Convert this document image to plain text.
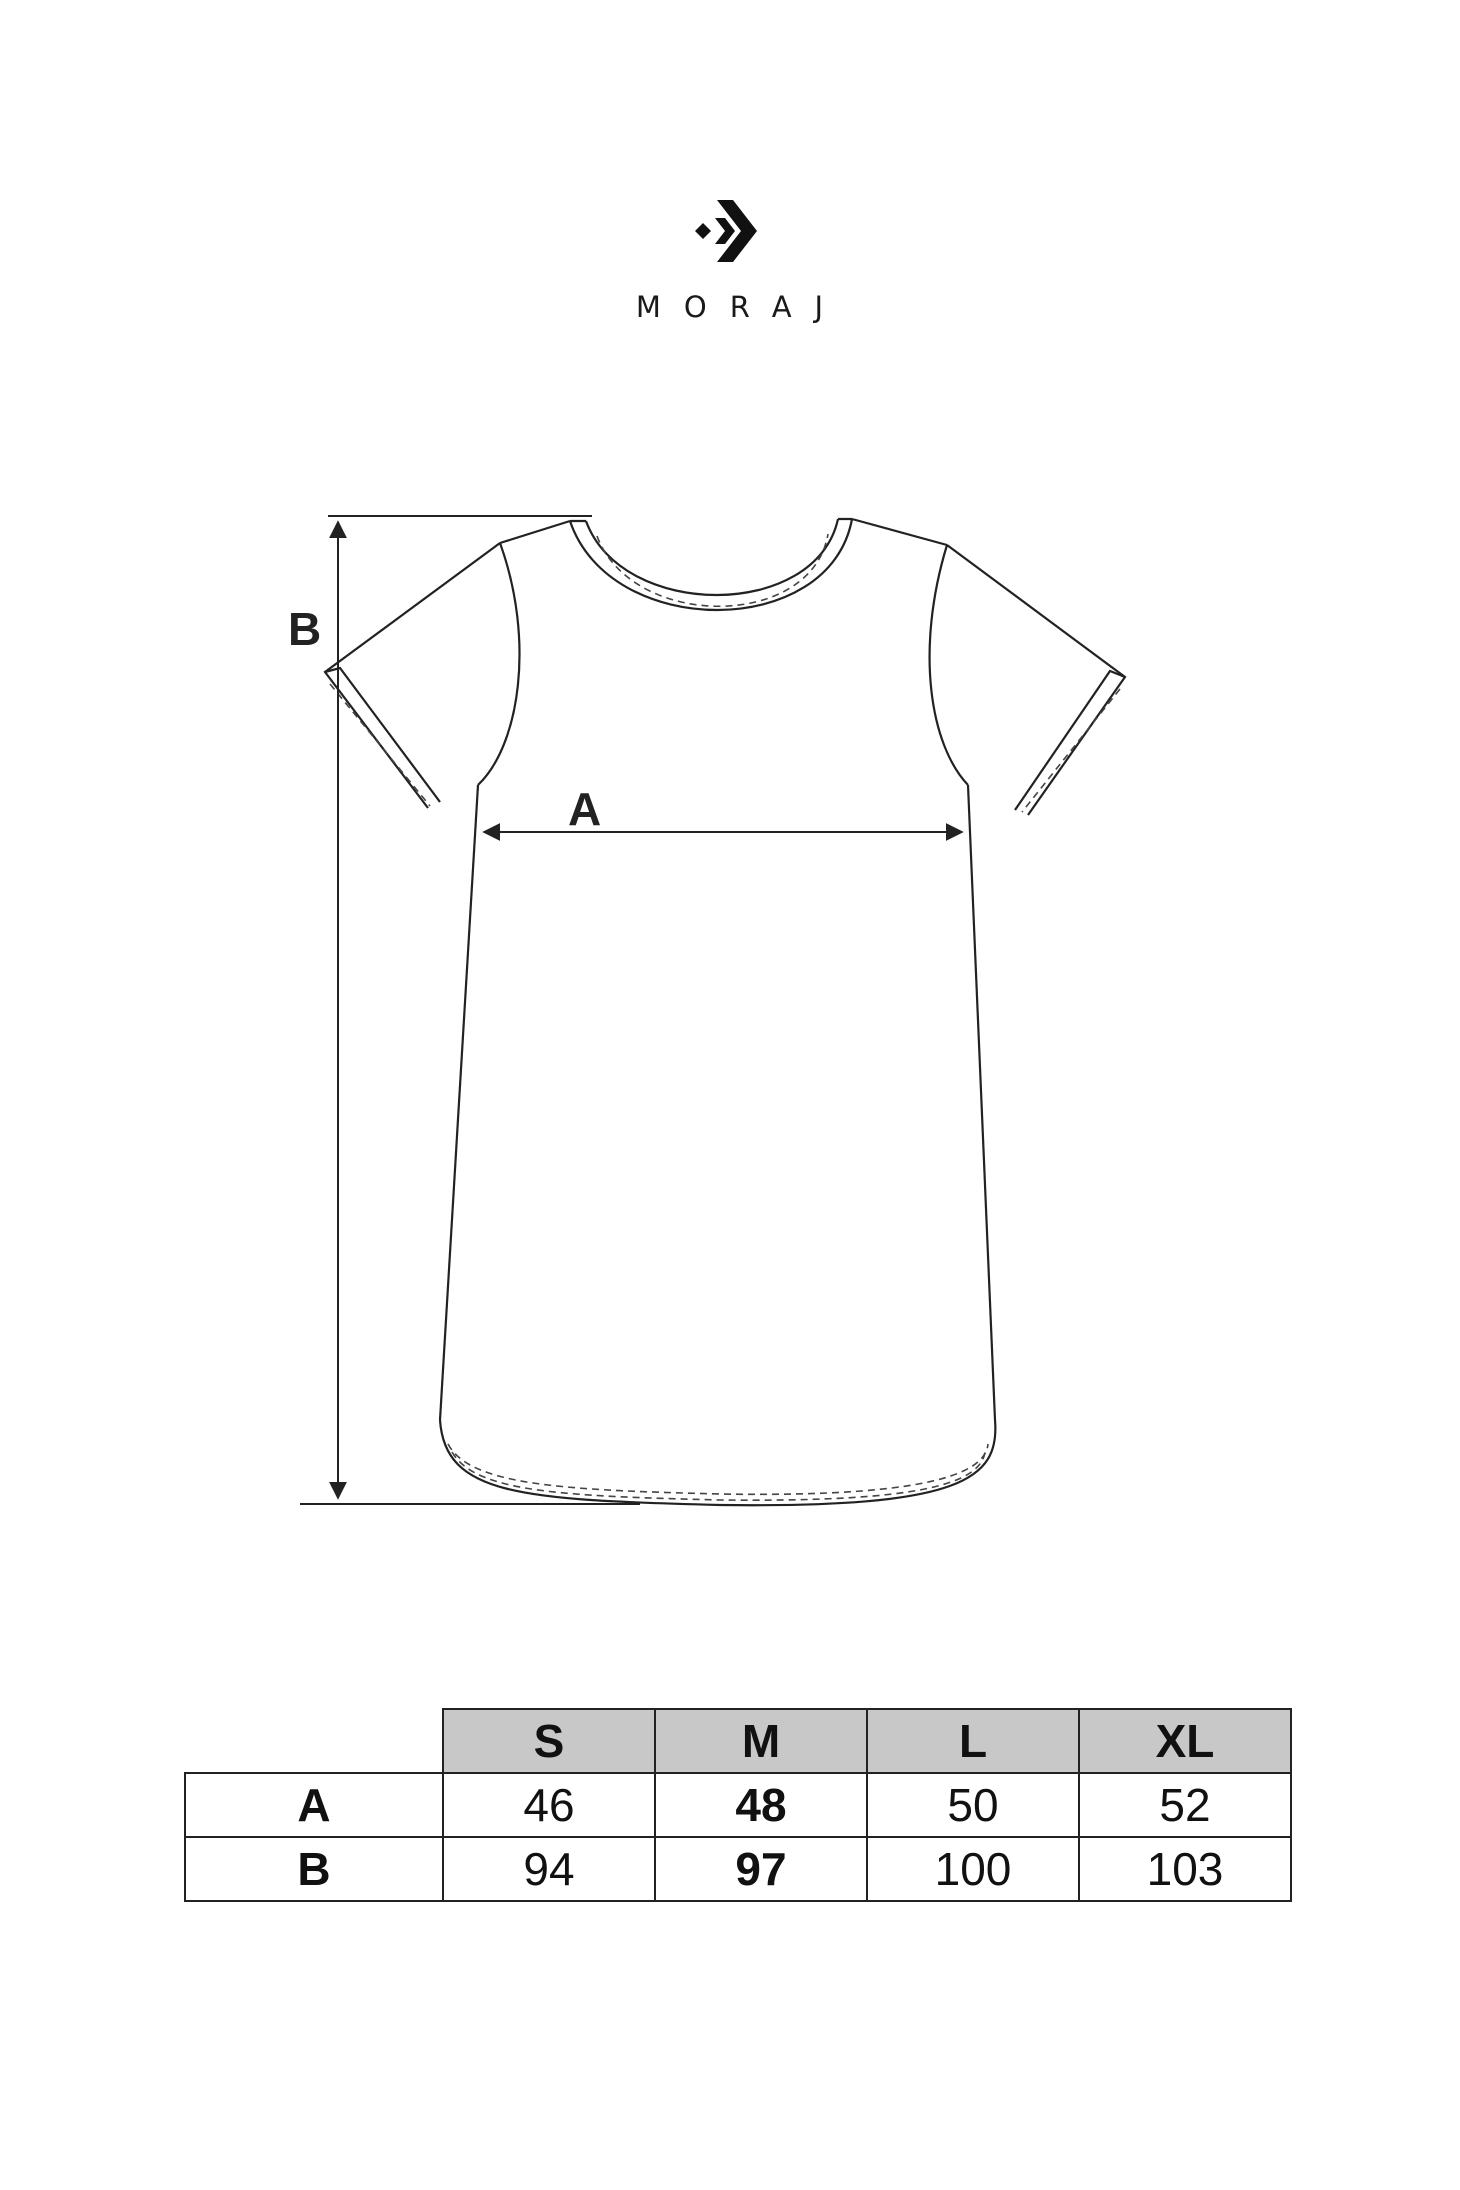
MORAJ
B
A
	S	M	L	XL
A	46	48	50	52
B	94	97	100	103
